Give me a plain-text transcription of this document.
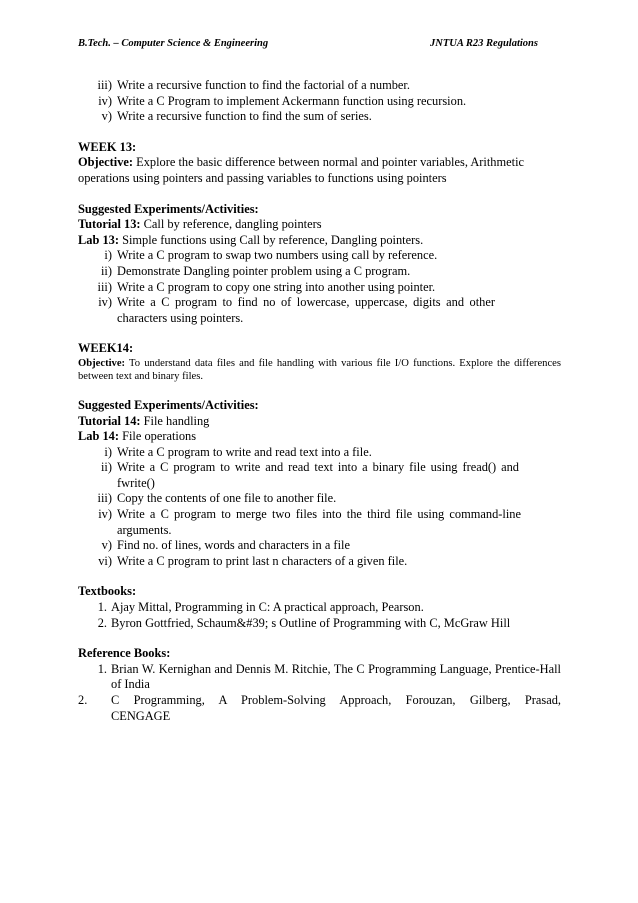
B.Tech. – Computer Science & Engineering	JNTUA R23 Regulations
iii) Write a recursive function to find the factorial of a number.
iv) Write a C Program to implement Ackermann function using recursion.
v) Write a recursive function to find the sum of series.

WEEK 13:

Objective: Explore the basic difference between normal and pointer variables, Arithmetic operations using pointers and passing variables to functions using pointers

Suggested Experiments/Activities:

Tutorial 13: Call by reference, dangling pointers

Lab 13: Simple functions using Call by reference, Dangling pointers.

i) Write a C program to swap two numbers using call by reference.
ii) Demonstrate Dangling pointer problem using a C program.
iii) Write a C program to copy one string into another using pointer.
iv) Write a C program to find no of lowercase, uppercase, digits and other characters using pointers.

WEEK14:

Objective: To understand data files and file handling with various file I/O functions. Explore the differences between text and binary files.

Suggested Experiments/Activities:

Tutorial 14: File handling

Lab 14: File operations

i) Write a C program to write and read text into a file.
ii) Write a C program to write and read text into a binary file using fread() and fwrite()
iii) Copy the contents of one file to another file.
iv) Write a C program to merge two files into the third file using command-line arguments.
v) Find no. of lines, words and characters in a file
vi) Write a C program to print last n characters of a given file.

Textbooks:

1. Ajay Mittal, Programming in C: A practical approach, Pearson.
2. Byron Gottfried, Schaum&#39; s Outline of Programming with C, McGraw Hill

Reference Books:

1. Brian W. Kernighan and Dennis M. Ritchie, The C Programming Language, Prentice-Hall of India
2.	C Programming, A Problem-Solving Approach, Forouzan, Gilberg, Prasad, CENGAGE
